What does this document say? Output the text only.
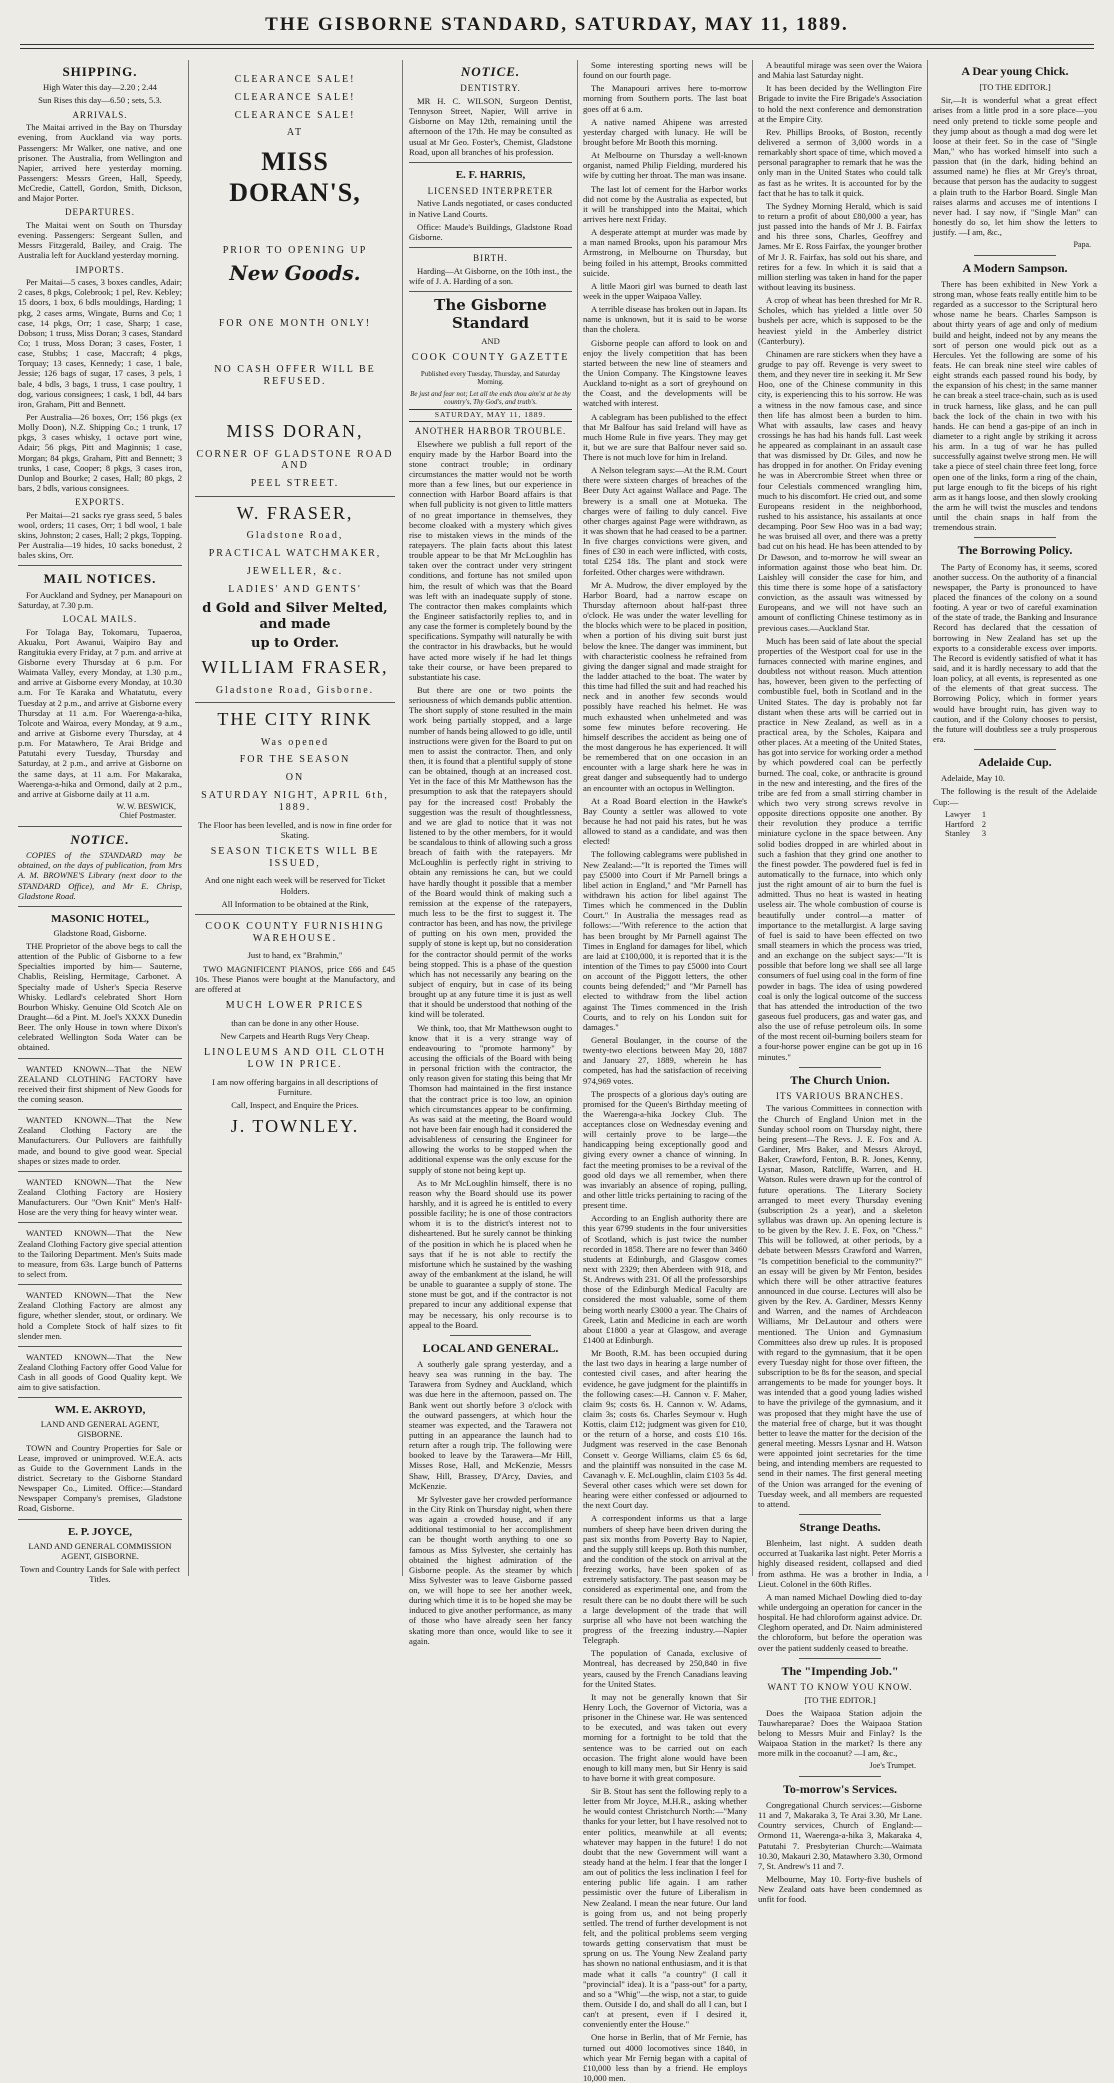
THE GISBORNE STANDARD, SATURDAY, MAY 11, 1889.
SHIPPING.

High Water this day—2.20 ; 2.44

Sun Rises this day—6.50 ; sets, 5.3.

ARRIVALS.

The Maitai arrived in the Bay on Thursday evening, from Auckland via way ports. Passengers: Mr Walker, one native, and one prisoner. The Australia, from Wellington and Napier, arrived here yesterday morning. Passengers: Messrs Green, Hall, Speedy, McCredie, Cattell, Gordon, Smith, Dickson, and Major Porter.

DEPARTURES.

The Maitai went on South on Thursday evening. Passengers: Sergeant Sullen, and Messrs Fitzgerald, Bailey, and Craig. The Australia left for Auckland yesterday morning.

IMPORTS.

Per Maitai—5 cases, 3 boxes candles, Adair; 2 cases, 8 pkgs, Colebrook; 1 pel, Rev. Kebley; 15 doors, 1 box, 6 bdls mouldings, Harding; 1 pkg, 2 cases arms, Wingate, Burns and Co; 1 case, 14 pkgs, Orr; 1 case, Sharp; 1 case, Dobson; 1 truss, Miss Doran; 3 cases, Standard Co; 1 truss, Moss Doran; 3 cases, Foster, 1 case, Stubbs; 1 case, Maccraft; 4 pkgs, Torquay; 13 cases, Kennedy; 1 case, 1 bale, Jessie; 126 bags of sugar, 17 cases, 3 pels, 1 bale, 4 bdls, 3 bags, 1 truss, 1 case poultry, 1 dog, various consignees; 1 cask, 1 bdl, 44 bars iron, Graham, Pitt and Bennett.

Per Australia—26 boxes, Orr; 156 pkgs (ex Molly Doon), N.Z. Shipping Co.; 1 trunk, 17 pkgs, 3 cases whisky, 1 octave port wine, Adair; 56 pkgs, Pitt and Maginnis; 1 case, Morgan; 84 pkgs, Graham, Pitt and Bennett; 3 trunks, 1 case, Cooper; 8 pkgs, 3 cases iron, Dunlop and Bourke; 2 cases, Hall; 80 pkgs, 2 bars, 2 bdls, various consignees.

EXPORTS.

Per Maitai—21 sacks rye grass seed, 5 bales wool, orders; 11 cases, Orr; 1 bdl wool, 1 bale skins, Johnston; 2 cases, Hall; 2 pkgs, Topping. Per Australia—19 hides, 10 sacks bonedust, 2 bales skins, Orr.

MAIL NOTICES.

For Auckland and Sydney, per Manapouri on Saturday, at 7.30 p.m.

LOCAL MAILS.

For Tolaga Bay, Tokomaru, Tupaeroa, Akuaku, Port Awanui, Waipiro Bay and Rangitukia every Friday, at 7 p.m. and arrive at Gisborne every Thursday at 6 p.m. For Waimata Valley, every Monday, at 1.30 p.m., and arrive at Gisborne every Monday, at 10.30 a.m. For Te Karaka and Whatatutu, every Tuesday at 2 p.m., and arrive at Gisborne every Thursday at 11 a.m. For Waerenga-a-hika, Tolcote and Wairoa, every Monday, at 9 a.m., and arrive at Gisborne every Thursday, at 4 p.m. For Matawhero, Te Arai Bridge and Patutahi every Tuesday, Thursday and Saturday, at 2 p.m., and arrive at Gisborne on the same days, at 11 a.m. For Makaraka, Waerenga-a-hika and Ormond, daily at 2 p.m., and arrive at Gisborne daily at 11 a.m.

W. W. BESWICK,
Chief Postmaster.
NOTICE.

COPIES of the STANDARD may be obtained, on the days of publication, from Mrs A. M. BROWNE'S Library (next door to the STANDARD Office), and Mr E. Chrisp, Gladstone Road.

MASONIC HOTEL,

Gladstone Road, Gisborne.

THE Proprietor of the above begs to call the attention of the Public of Gisborne to a few Specialties imported by him— Sauterne, Chablis, Reisling, Hermitage, Carbonet. A Specialty made of Usher's Specia Reserve Whisky. Ledlard's celebrated Short Horn Bourbon Whisky. Genuine Old Scotch Ale on Draught—6d a Pint. M. Joel's XXXX Dunedin Beer. The only House in town where Dixon's celebrated Wellington Soda Water can be obtained.

WANTED KNOWN—That the NEW ZEALAND CLOTHING FACTORY have received their first shipment of New Goods for the coming season.

WANTED KNOWN—That the New Zealand Clothing Factory are the Manufacturers. Our Pullovers are faithfully made, and bound to give good wear. Special shapes or sizes made to order.

WANTED KNOWN—That the New Zealand Clothing Factory are Hosiery Manufacturers. Our "Own Knit" Men's Half-Hose are the very thing for heavy winter wear.

WANTED KNOWN—That the New Zealand Clothing Factory give special attention to the Tailoring Department. Men's Suits made to measure, from 63s. Large bunch of Patterns to select from.

WANTED KNOWN—That the New Zealand Clothing Factory are almost any figure, whether slender, stout, or ordinary. We hold a Complete Stock of half sizes to fit slender men.

WANTED KNOWN—That the New Zealand Clothing Factory offer Good Value for Cash in all goods of Good Quality kept. We aim to give satisfaction.

WM. E. AKROYD,

LAND AND GENERAL AGENT, GISBORNE.

TOWN and Country Properties for Sale or Lease, improved or unimproved. W.E.A. acts as Guide to the Government Lands in the district. Secretary to the Gisborne Standard Newspaper Co., Limited. Office:—Standard Newspaper Company's premises, Gladstone Road, Gisborne.

E. P. JOYCE,

LAND AND GENERAL COMMISSION AGENT, GISBORNE.

Town and Country Lands for Sale with perfect Titles.

CLEARANCE SALE!
CLEARANCE SALE!
CLEARANCE SALE!
AT
MISS DORAN'S,
PRIOR TO OPENING UP
New Goods.
FOR ONE MONTH ONLY!
NO CASH OFFER WILL BE REFUSED.
MISS DORAN,
CORNER OF GLADSTONE ROAD AND
PEEL STREET.
W. FRASER,
Gladstone Road,
PRACTICAL WATCHMAKER,
JEWELLER, &c.
LADIES' AND GENTS'
d Gold and Silver Melted, and made
up to Order.
WILLIAM FRASER,
Gladstone Road, Gisborne.
THE CITY RINK
Was opened
FOR THE SEASON
ON
SATURDAY NIGHT, APRIL 6th, 1889.

The Floor has been levelled, and is now in fine order for Skating.

SEASON TICKETS WILL BE ISSUED,

And one night each week will be reserved for Ticket Holders.

All Information to be obtained at the Rink,

COOK COUNTY FURNISHING WAREHOUSE.

Just to hand, ex "Brahmin,"

TWO MAGNIFICENT PIANOS, price £66 and £45 10s. These Pianos were bought at the Manufactory, and are offered at

MUCH LOWER PRICES

than can be done in any other House.

New Carpets and Hearth Rugs Very Cheap.

LINOLEUMS AND OIL CLOTH LOW IN PRICE.

I am now offering bargains in all descriptions of Furniture.

Call, Inspect, and Enquire the Prices.

J. TOWNLEY.
NOTICE.
DENTISTRY.

MR H. C. WILSON, Surgeon Dentist, Tennyson Street, Napier, Will arrive in Gisborne on May 12th, remaining until the afternoon of the 17th. He may be consulted as usual at Mr Geo. Foster's, Chemist, Gladstone Road, upon all branches of his profession.

E. F. HARRIS,
LICENSED INTERPRETER

Native Lands negotiated, or cases conducted in Native Land Courts.

Office: Maude's Buildings, Gladstone Road Gisborne.

BIRTH.

Harding—At Gisborne, on the 10th inst., the wife of J. A. Harding of a son.

The Gisborne Standard

AND

COOK COUNTY GAZETTE

Published every Tuesday, Thursday, and Saturday Morning.

Be just and fear not; Let all the ends thou aim'st at be thy country's, Thy God's, and truth's.

SATURDAY, MAY 11, 1889.
ANOTHER HARBOR TROUBLE.

Elsewhere we publish a full report of the enquiry made by the Harbor Board into the stone contract trouble; in ordinary circumstances the matter would not be worth more than a few lines, but our experience in connection with Harbor Board affairs is that when full publicity is not given to little matters of no great importance in themselves, they become cloaked with a mystery which gives rise to mistaken views in the minds of the ratepayers. The plain facts about this latest trouble appear to be that Mr McLoughlin has taken over the contract under very stringent conditions, and fortune has not smiled upon him, the result of which was that the Board was left with an inadequate supply of stone. The contractor then makes complaints which the Engineer satisfactorily replies to, and in any case the former is completely bound by the specifications. Sympathy will naturally be with the contractor in his drawbacks, but he would have acted more wisely if he had let things take their course, or have been prepared to substantiate his case.

But there are one or two points the seriousness of which demands public attention. The short supply of stone resulted in the main work being partially stopped, and a large number of hands being allowed to go idle, until instructions were given for the Board to put on men to assist the contractor. Then, and only then, it is found that a plentiful supply of stone can be obtained, though at an increased cost. Yet in the face of this Mr Matthewson has the presumption to ask that the ratepayers should pay for the increased cost! Probably the suggestion was the result of thoughtlessness, and we are glad to notice that it was not listened to by the other members, for it would be scandalous to think of allowing such a gross breach of faith with the ratepayers. Mr McLoughlin is perfectly right in striving to obtain any remissions he can, but we could have hardly thought it possible that a member of the Board would think of making such a remission at the expense of the ratepayers, much less to be the first to suggest it. The contractor has been, and has now, the privilege of putting on his own men, provided the supply of stone is kept up, but no consideration for the contractor should permit of the works being stopped. This is a phase of the question which has not necessarily any bearing on the subject of enquiry, but in case of its being brought up at any future time it is just as well that it should be understood that nothing of the kind will be tolerated.

We think, too, that Mr Matthewson ought to know that it is a very strange way of endeavouring to "promote harmony" by accusing the officials of the Board with being in personal friction with the contractor, the only reason given for stating this being that Mr Thomson had maintained in the first instance that the contract price is too low, an opinion which circumstances appear to be confirming. As was said at the meeting, the Board would not have been fair enough had it considered the advisableness of censuring the Engineer for allowing the works to be stopped when the additional expense was the only excuse for the supply of stone not being kept up.

As to Mr McLoughlin himself, there is no reason why the Board should use its power harshly, and it is agreed he is entitled to every possible facility; he is one of those contractors whom it is to the district's interest not to disheartened. But he surely cannot be thinking of the position in which he is placed when he says that if he is not able to rectify the misfortune which he sustained by the washing away of the embankment at the island, he will be unable to guarantee a supply of stone. The stone must be got, and if the contractor is not prepared to incur any additional expense that may be necessary, his only recourse is to appeal to the Board.

LOCAL AND GENERAL.

A southerly gale sprang yesterday, and a heavy sea was running in the bay. The Tarawera from Sydney and Auckland, which was due here in the afternoon, passed on. The Bank went out shortly before 3 o'clock with the outward passengers, at which hour the steamer was expected, and the Tarawera not putting in an appearance the launch had to return after a rough trip. The following were booked to leave by the Tarawera—Mr Hill, Misses Rose, Hall, and McKenzie, Messrs Shaw, Hill, Brassey, D'Arcy, Davies, and McKenzie.

Mr Sylvester gave her crowded performance in the City Rink on Thursday night, when there was again a crowded house, and if any additional testimonial to her accomplishment can be thought worth anything to one so famous as Miss Sylvester, she certainly has obtained the highest admiration of the Gisborne people. As the steamer by which Miss Sylvester was to leave Gisborne passed on, we will hope to see her another week, during which time it is to be hoped she may be induced to give another performance, as many of those who have already seen her fancy skating more than once, would like to see it again.

Some interesting sporting news will be found on our fourth page.

The Manapouri arrives here to-morrow morning from Southern ports. The last boat goes off at 6 a.m.

A native named Ahipene was arrested yesterday charged with lunacy. He will be brought before Mr Booth this morning.

At Melbourne on Thursday a well-known organist, named Philip Fielding, murdered his wife by cutting her throat. The man was insane.

The last lot of cement for the Harbor works did not come by the Australia as expected, but it will be transhipped into the Maitai, which arrives here next Friday.

A desperate attempt at murder was made by a man named Brooks, upon his paramour Mrs Armstrong, in Melbourne on Thursday, but being foiled in his attempt, Brooks committed suicide.

A little Maori girl was burned to death last week in the upper Waipaoa Valley.

A terrible disease has broken out in Japan. Its name is unknown, but it is said to be worse than the cholera.

Gisborne people can afford to look on and enjoy the lively competition that has been started between the new line of steamers and the Union Company. The Kingstowne leaves Auckland to-night as a sort of greyhound on the Coast, and the developments will be watched with interest.

A cablegram has been published to the effect that Mr Balfour has said Ireland will have as much Home Rule in five years. They may get it, but we are sure that Balfour never said so. There is not much love for him in Ireland.

A Nelson telegram says:—At the R.M. Court there were sixteen charges of breaches of the Beer Duty Act against Wallace and Page. The brewery is a small one at Motueka. The charges were of failing to duly cancel. Five other charges against Page were withdrawn, as it was shown that he had ceased to be a partner. In five charges convictions were given, and fines of £30 in each were inflicted, with costs, total £254 18s. The plant and stock were forfeited. Other charges were withdrawn.

Mr A. Mudrow, the diver employed by the Harbor Board, had a narrow escape on Thursday afternoon about half-past three o'clock. He was under the water levelling for the blocks which were to be placed in position, when a portion of his diving suit burst just below the knee. The danger was imminent, but with characteristic coolness he refrained from giving the danger signal and made straight for the ladder attached to the boat. The water by this time had filled the suit and had reached his neck and in another few seconds would possibly have reached his helmet. He was much exhausted when unhelmeted and was some few minutes before recovering. He himself describes the accident as being one of the most dangerous he has experienced. It will be remembered that on one occasion in an encounter with a large shark here he was in great danger and subsequently had to undergo an encounter with an octopus in Wellington.

At a Road Board election in the Hawke's Bay County a settler was allowed to vote because he had not paid his rates, but he was allowed to stand as a candidate, and was then elected!

The following cablegrams were published in New Zealand:—"It is reported the Times will pay £5000 into Court if Mr Parnell brings a libel action in England," and "Mr Parnell has withdrawn his action for libel against The Times which he commenced in the Dublin Court." In Australia the messages read as follows:—"With reference to the action that has been brought by Mr Parnell against The Times in England for damages for libel, which are laid at £100,000, it is reported that it is the intention of the Times to pay £5000 into Court on account of the Piggott letters, the other counts being defended;" and "Mr Parnell has elected to withdraw from the libel action against The Times commenced in the Irish Courts, and to rely on his London suit for damages."

General Boulanger, in the course of the twenty-two elections between May 20, 1887 and January 27, 1889, wherein he has competed, has had the satisfaction of receiving 974,969 votes.

The prospects of a glorious day's outing are promised for the Queen's Birthday meeting of the Waerenga-a-hika Jockey Club. The acceptances close on Wednesday evening and will certainly prove to be large—the handicapping being exceptionally good and giving every owner a chance of winning. In fact the meeting promises to be a revival of the good old days we all remember, when there was invariably an absence of roping, pulling, and other little tricks pertaining to racing of the present time.

According to an English authority there are this year 6799 students in the four universities of Scotland, which is just twice the number recorded in 1858. There are no fewer than 3460 students at Edinburgh, and Glasgow comes next with 2329; then Aberdeen with 918, and St. Andrews with 231. Of all the professorships those of the Edinburgh Medical Faculty are considered the most valuable, some of them being worth nearly £3000 a year. The Chairs of Greek, Latin and Medicine in each are worth about £1800 a year at Glasgow, and average £1400 at Edinburgh.

Mr Booth, R.M. has been occupied during the last two days in hearing a large number of contested civil cases, and after hearing the evidence, he gave judgment for the plaintiffs in the following cases:—H. Cannon v. F. Maher, claim 9s; costs 6s. H. Cannon v. W. Adams, claim 3s; costs 6s. Charles Seymour v. Hugh Kottis, claim £12; judgment was given for £10, or the return of a horse, and costs £10 16s. Judgment was reserved in the case Benonah Consett v. George Williams, claim £5 6s 6d, and the plaintiff was nonsuited in the case M. Cavanagh v. E. McLoughlin, claim £103 5s 4d. Several other cases which were set down for hearing were either confessed or adjourned to the next Court day.

A correspondent informs us that a large numbers of sheep have been driven during the past six months from Poverty Bay to Napier, and the supply still keeps up. Both this number, and the condition of the stock on arrival at the freezing works, have been spoken of as extremely satisfactory. The past season may be considered as experimental one, and from the result there can be no doubt there will be such a large development of the trade that will surprise all who have not been watching the progress of the freezing industry.—Napier Telegraph.

The population of Canada, exclusive of Montreal, has decreased by 250,840 in five years, caused by the French Canadians leaving for the United States.

It may not be generally known that Sir Henry Loch, the Governor of Victoria, was a prisoner in the Chinese war. He was sentenced to be executed, and was taken out every morning for a fortnight to be told that the sentence was to be carried out on each occasion. The fright alone would have been enough to kill many men, but Sir Henry is said to have borne it with great composure.

Sir B. Stout has sent the following reply to a letter from Mr Joyce, M.H.R., asking whether he would contest Christchurch North:—"Many thanks for your letter, but I have resolved not to enter politics, meanwhile at all events; whatever may happen in the future! I do not doubt that the new Government will want a steady hand at the helm. I fear that the longer I am out of politics the less inclination I feel for entering public life again. I am rather pessimistic over the future of Liberalism in New Zealand. I mean the near future. Our land is going from us, and not being properly settled. The trend of further development is not felt, and the political problems seem verging towards getting conservatism that must be sprung on us. The Young New Zealand party has shown no national enthusiasm, and it is that made what it calls "a country" (I call it "provincial" idea). It is a "pass-out" for a party, and so a "Whig"—the wisp, not a star, to guide them. Outside I do, and shall do all I can, but I can't at present, even if I desired it, conveniently enter the House."

One horse in Berlin, that of Mr Fernie, has turned out 4000 locomotives since 1840, in which year Mr Fernig began with a capital of £10,000 less than by a friend. He employs 10,000 men.

A beautiful mirage was seen over the Waiora and Mahia last Saturday night.

It has been decided by the Wellington Fire Brigade to invite the Fire Brigade's Association to hold the next conference and demonstration at the Empire City.

Rev. Phillips Brooks, of Boston, recently delivered a sermon of 3,000 words in a remarkably short space of time, which moved a personal paragrapher to remark that he was the only man in the United States who could talk as fast as he writes. It is accounted for by the fact that he has to talk it quick.

The Sydney Morning Herald, which is said to return a profit of about £80,000 a year, has just passed into the hands of Mr J. B. Fairfax and his three sons, Charles, Geoffrey and James. Mr E. Ross Fairfax, the younger brother of Mr J. R. Fairfax, has sold out his share, and retires for a few. In which it is said that a million sterling was taken in hand for the paper without leaving its business.

A crop of wheat has been threshed for Mr R. Scholes, which has yielded a little over 50 bushels per acre, which is supposed to be the heaviest yield in the Amberley district (Canterbury).

Chinamen are rare stickers when they have a grudge to pay off. Revenge is very sweet to them, and they never tire in seeking it. Mr Sew Hoo, one of the Chinese community in this city, is experiencing this to his sorrow. He was a witness in the now famous case, and since then life has almost been a burden to him. What with assaults, law cases and heavy crossings he has had his hands full. Last week he appeared as complainant in an assault case that was dismissed by Dr. Giles, and now he has dropped in for another. On Friday evening he was in Abercrombie Street when three or four Celestials commenced wrangling him, much to his discomfort. He cried out, and some Europeans resident in the neighborhood, rushed to his assistance, his assailants at once decamping. Poor Sew Hoo was in a bad way; he was bruised all over, and there was a pretty bad cut on his head. He has been attended to by Dr Dawson, and to-morrow he will swear an information against those who beat him. Dr. Laishley will consider the case for him, and this time there is some hope of a satisfactory conviction, as the assault was witnessed by Europeans, and we will not have such an amount of conflicting Chinese testimony as in previous cases.—Auckland Star.

Much has been said of late about the special properties of the Westport coal for use in the furnaces connected with marine engines, and doubtless not without reason. Much attention has, however, been given to the perfecting of combustible fuel, both in Scotland and in the United States. The day is probably not far distant when these arts will be carried out in practice in New Zealand, as well as in a practical area, by the Scholes, Kaipara and other places. At a meeting of the United States, has got into service for working order a method by which powdered coal can be perfectly burned. The coal, coke, or anthracite is ground in the new and interesting, and the fires of the tribe are fed from a small stirring chamber in which two very strong screws revolve in opposite directions opposite one another. By their revolution they produce a terrific miniature cyclone in the space between. Any solid bodies dropped in are whirled about in such a fashion that they grind one another to the finest powder. The powdered fuel is fed in automatically to the furnace, into which only just the right amount of air to burn the fuel is admitted. Thus no heat is wasted in heating useless air. The whole combustion of course is beautifully under control—a matter of importance to the metallurgist. A large saving of fuel is said to have been effected on two small steamers in which the process was tried, and an exchange on the subject says:—"It is possible that before long we shall see all large consumers of fuel using coal in the form of fine powder in bags. The idea of using powdered coal is only the logical outcome of the success that has attended the introduction of the two gaseous fuel producers, gas and water gas, and also the use of refuse petroleum oils. In some of the most recent oil-burning boilers steam for a four-horse power engine can be got up in 16 minutes."

The Church Union.
ITS VARIOUS BRANCHES.

The various Committees in connection with the Church of England Union met in the Sunday school room on Thursday night, there being present—The Revs. J. E. Fox and A. Gardiner, Mrs Baker, and Messrs Akroyd, Baker, Crawford, Fenton, B. R. Jones, Kenny, Lysnar, Mason, Ratcliffe, Warren, and H. Watson. Rules were drawn up for the control of future operations. The Literary Society arranged to meet every Thursday evening (subscription 2s a year), and a skeleton syllabus was drawn up. An opening lecture is to be given by the Rev. J. E. Fox, on "Chess." This will be followed, at other periods, by a debate between Messrs Crawford and Warren, "Is competition beneficial to the community?" an essay will be given by Mr Fenton, besides which there will be other attractive features announced in due course. Lectures will also be given by the Rev. A. Gardiner, Messrs Kenny and Warren, and the names of Archdeacon Williams, Mr DeLautour and others were mentioned. The Union and Gymnasium Committees also drew up rules. It is proposed with regard to the gymnasium, that it be open every Tuesday night for those over fifteen, the subscription to be 8s for the season, and special arrangements to be made for younger boys. It was intended that a good young ladies wished to have the privilege of the gymnasium, and it was proposed that they might have the use of the material free of charge, but it was thought better to leave the matter for the decision of the general meeting. Messrs Lysnar and H. Watson were appointed joint secretaries for the time being, and intending members are requested to send in their names. The first general meeting of the Union was arranged for the evening of Tuesday week, and all members are requested to attend.

Strange Deaths.

Blenheim, last night. A sudden death occurred at Tuakarika last night. Peter Morris a highly diseased resident, collapsed and died from asthma. He was a brother in India, a Lieut. Colonel in the 60th Rifles.

A man named Michael Dowling died to-day while undergoing an operation for cancer in the hospital. He had chloroform against advice. Dr. Cleghorn operated, and Dr. Nairn administered the chloroform, but before the operation was over the patient suddenly ceased to breathe.

The "Impending Job."
WANT TO KNOW YOU KNOW.

[TO THE EDITOR.]

Does the Waipaoa Station adjoin the Tauwhareparae? Does the Waipaoa Station belong to Messrs Muir and Finlay? Is the Waipaoa Station in the market? Is there any more milk in the cocoanut? —I am, &c.,

Joe's Trumpet.
To-morrow's Services.

Congregational Church services:—Gisborne 11 and 7, Makaraka 3, Te Arai 3.30, Mr Lane. Country services, Church of England:—Ormond 11, Waerenga-a-hika 3, Makaraka 4, Patutahi 7. Presbyterian Church:—Waimata 10.30, Makauri 2.30, Matawhero 3.30, Ormond 7, St. Andrew's 11 and 7.

Melbourne, May 10. Forty-five bushels of New Zealand oats have been condemned as unfit for food.

A Dear young Chick.

[TO THE EDITOR.]

Sir,—It is wonderful what a great effect arises from a little prod in a sore place—you need only pretend to tickle some people and they jump about as though a mad dog were let loose at their feet. So in the case of "Single Man," who has worked himself into such a passion that (in the dark, hiding behind an assumed name) he flies at Mr Grey's throat, because that person has the audacity to suggest a plain truth to the Harbor Board. Single Man raises alarms and accuses me of intentions I never had. I say now, if "Single Man" can honestly do so, let him show the letters to justify. —I am, &c.,

Papa.
A Modern Sampson.

There has been exhibited in New York a strong man, whose feats really entitle him to be regarded as a successor to the Scriptural hero whose name he bears. Charles Sampson is about thirty years of age and only of medium build and height, indeed not by any means the sort of person one would pick out as a Hercules. Yet the following are some of his feats. He can break nine steel wire cables of eight strands each passed round his body, by the expansion of his chest; in the same manner he can break a steel trace-chain, such as is used in truck harness, like glass, and he can pull back the lock of the chain in two with his hands. He can bend a gas-pipe of an inch in diameter to a right angle by striking it across his arm. In a tug of war he has pulled successfully against twelve strong men. He will take a piece of steel chain three feet long, force open one of the links, form a ring of the chain, put large enough to fit the biceps of his right arm as it hangs loose, and then slowly crooking the arm he will twist the muscles and tendons until the chain snaps in half from the tremendous strain.

The Borrowing Policy.

The Party of Economy has, it seems, scored another success. On the authority of a financial newspaper, the Party is pronounced to have placed the finances of the colony on a sound footing. A year or two of careful examination of the state of trade, the Banking and Insurance Record has declared that the cessation of borrowing in New Zealand has set up the exports to a considerable excess over imports. The Record is evidently satisfied of what it has said, and it is hardly necessary to add that the loan policy, at all events, is represented as one of the elements of that great success. The Borrowing Policy, which in former years would have brought ruin, has given way to caution, and if the Colony chooses to persist, the future will doubtless see a truly prosperous era.

Adelaide Cup.

Adelaide, May 10.

The following is the result of the Adelaide Cup:—

Lawyer	1
Hartford	2
Stanley	3
